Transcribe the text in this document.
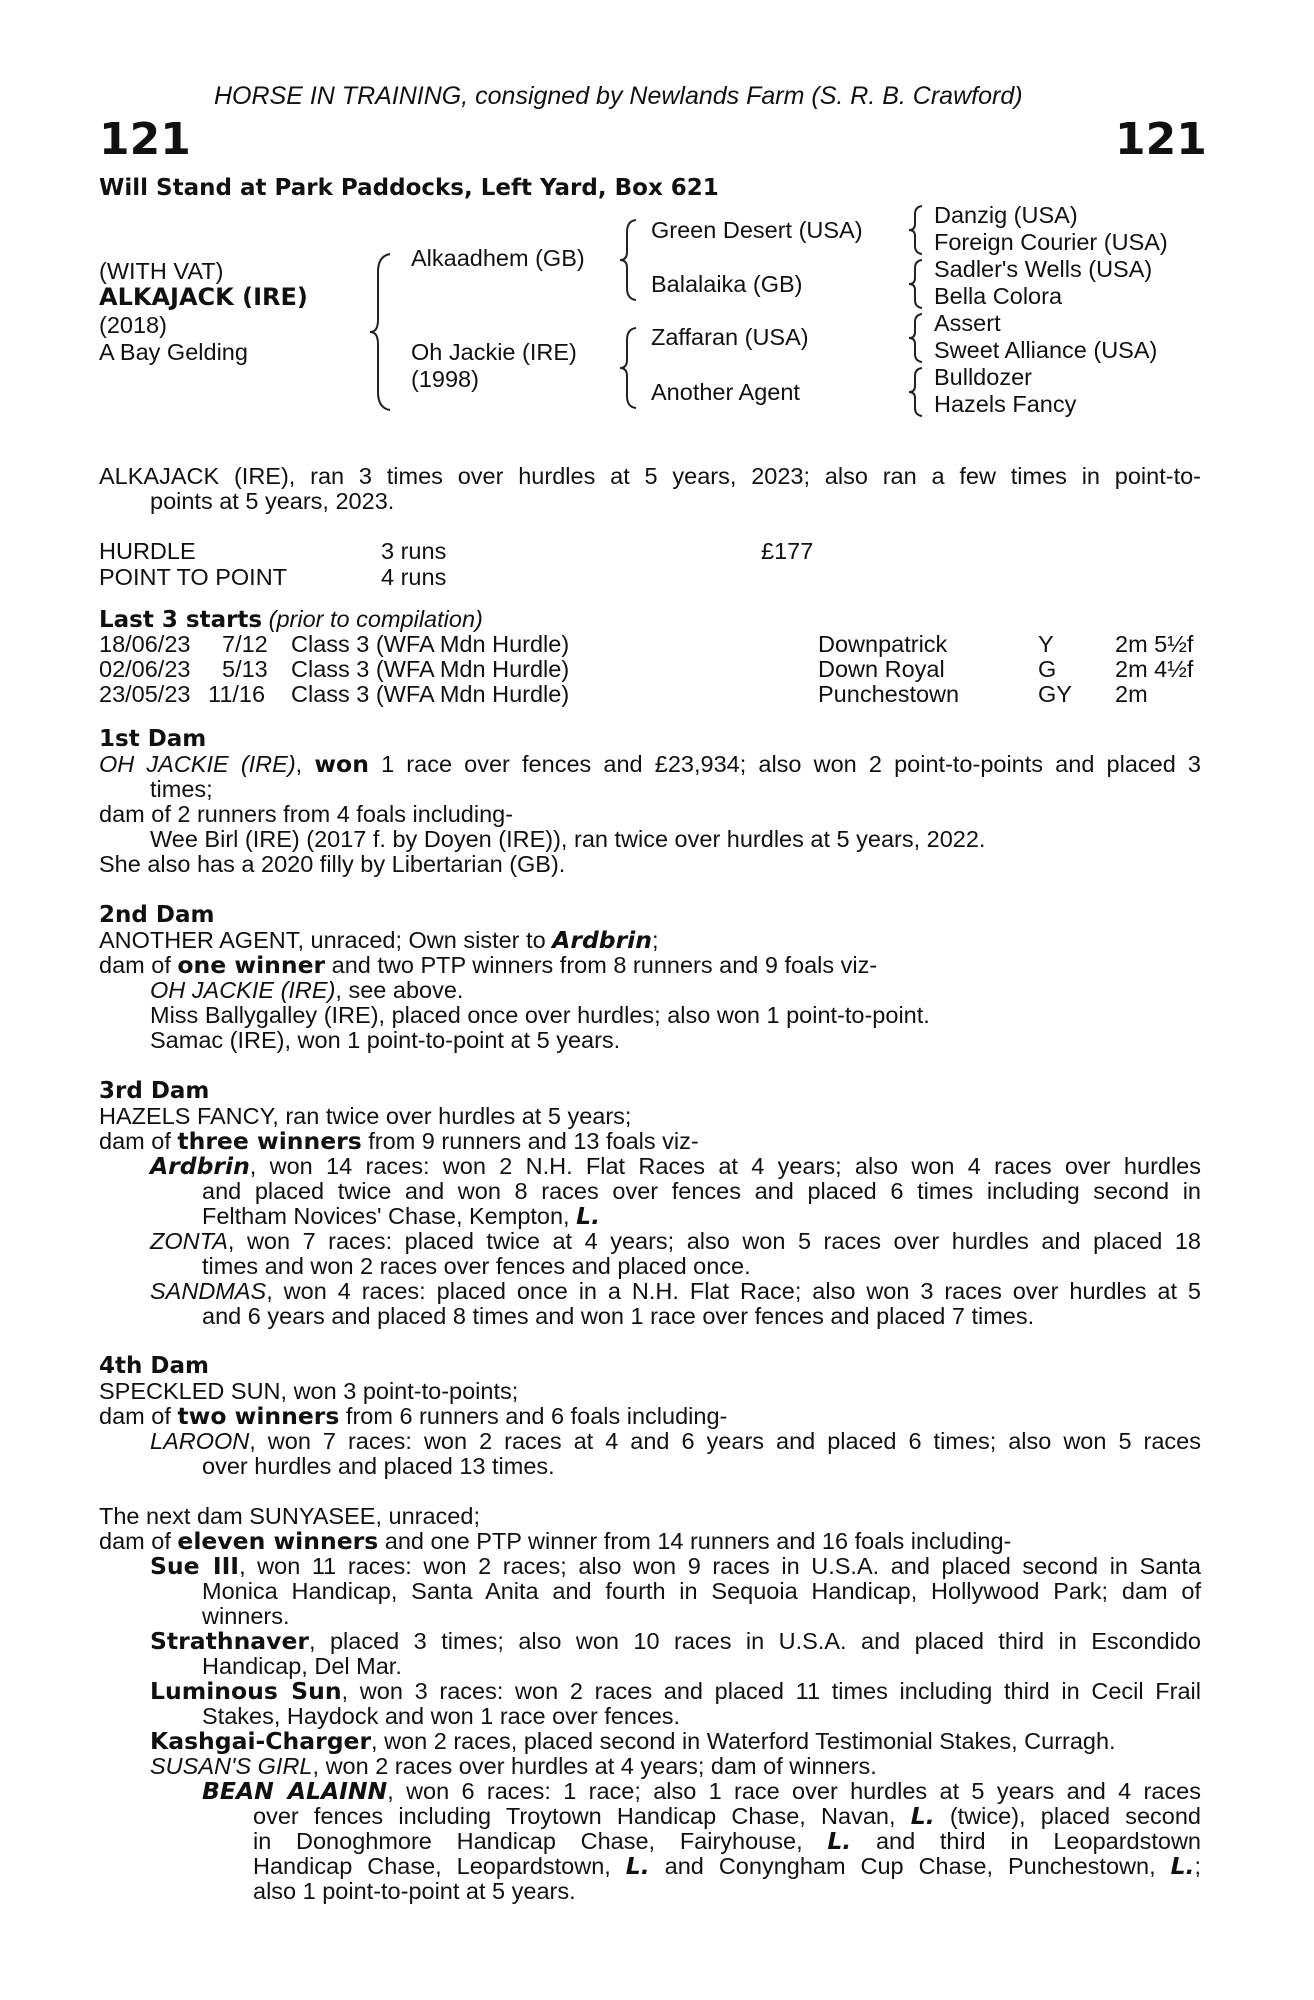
HORSE IN TRAINING, consigned by Newlands Farm (S. R. B. Crawford)
121	121
Will Stand at Park Paddocks, Left Yard, Box 621
(WITH VAT)
ALKAJACK (IRE)
(2018)
A Bay Gelding
Alkaadhem (GB)
Oh Jackie (IRE)
(1998)
Green Desert (USA)
Balalaika (GB)
Zaffaran (USA)
Another Agent
Danzig (USA)
Foreign Courier (USA)
Sadler's Wells (USA)
Bella Colora
Assert
Sweet Alliance (USA)
Bulldozer
Hazels Fancy
ALKAJACK (IRE), ran 3 times over hurdles at 5 years, 2023; also ran a few times in point-to-
points at 5 years, 2023.
HURDLE	3 runs	£177
POINT TO POINT	4 runs
Last 3 starts (prior to compilation)
18/06/23 7/12 Class 3 (WFA Mdn Hurdle)	Downpatrick	Y	2m 5½f
02/06/23 5/13 Class 3 (WFA Mdn Hurdle)	Down Royal	G 2m 4½f
23/05/23 11/16 Class 3 (WFA Mdn Hurdle)	Punchestown	GY 2m
1st Dam
OH JACKIE (IRE), won 1 race over fences and £23,934; also won 2 point-to-points and placed 3
times;
dam of 2 runners from 4 foals including-
Wee Birl (IRE) (2017 f. by Doyen (IRE)), ran twice over hurdles at 5 years, 2022.
She also has a 2020 filly by Libertarian (GB).
2nd Dam
ANOTHER AGENT, unraced; Own sister to Ardbrin;
dam of one winner and two PTP winners from 8 runners and 9 foals viz-
OH JACKIE (IRE), see above.
Miss Ballygalley (IRE), placed once over hurdles; also won 1 point-to-point.
Samac (IRE), won 1 point-to-point at 5 years.
3rd Dam
HAZELS FANCY, ran twice over hurdles at 5 years;
dam of three winners from 9 runners and 13 foals viz-
Ardbrin, won 14 races: won 2 N.H. Flat Races at 4 years; also won 4 races over hurdles
and placed twice and won 8 races over fences and placed 6 times including second in
Feltham Novices' Chase, Kempton, L.
ZONTA, won 7 races: placed twice at 4 years; also won 5 races over hurdles and placed 18
times and won 2 races over fences and placed once.
SANDMAS, won 4 races: placed once in a N.H. Flat Race; also won 3 races over hurdles at 5
and 6 years and placed 8 times and won 1 race over fences and placed 7 times.
4th Dam
SPECKLED SUN, won 3 point-to-points;
dam of two winners from 6 runners and 6 foals including-
LAROON, won 7 races: won 2 races at 4 and 6 years and placed 6 times; also won 5 races
over hurdles and placed 13 times.
The next dam SUNYASEE, unraced;
dam of eleven winners and one PTP winner from 14 runners and 16 foals including-
Sue III, won 11 races: won 2 races; also won 9 races in U.S.A. and placed second in Santa
Monica Handicap, Santa Anita and fourth in Sequoia Handicap, Hollywood Park; dam of
winners.
Strathnaver, placed 3 times; also won 10 races in U.S.A. and placed third in Escondido
Handicap, Del Mar.
Luminous Sun, won 3 races: won 2 races and placed 11 times including third in Cecil Frail
Stakes, Haydock and won 1 race over fences.
Kashgai-Charger, won 2 races, placed second in Waterford Testimonial Stakes, Curragh.
SUSAN'S GIRL, won 2 races over hurdles at 4 years; dam of winners.
BEAN ALAINN, won 6 races: 1 race; also 1 race over hurdles at 5 years and 4 races
over fences including Troytown Handicap Chase, Navan, L. (twice), placed second
in Donoghmore Handicap Chase, Fairyhouse, L. and third in Leopardstown
Handicap Chase, Leopardstown, L. and Conyngham Cup Chase, Punchestown, L.;
also 1 point-to-point at 5 years.
